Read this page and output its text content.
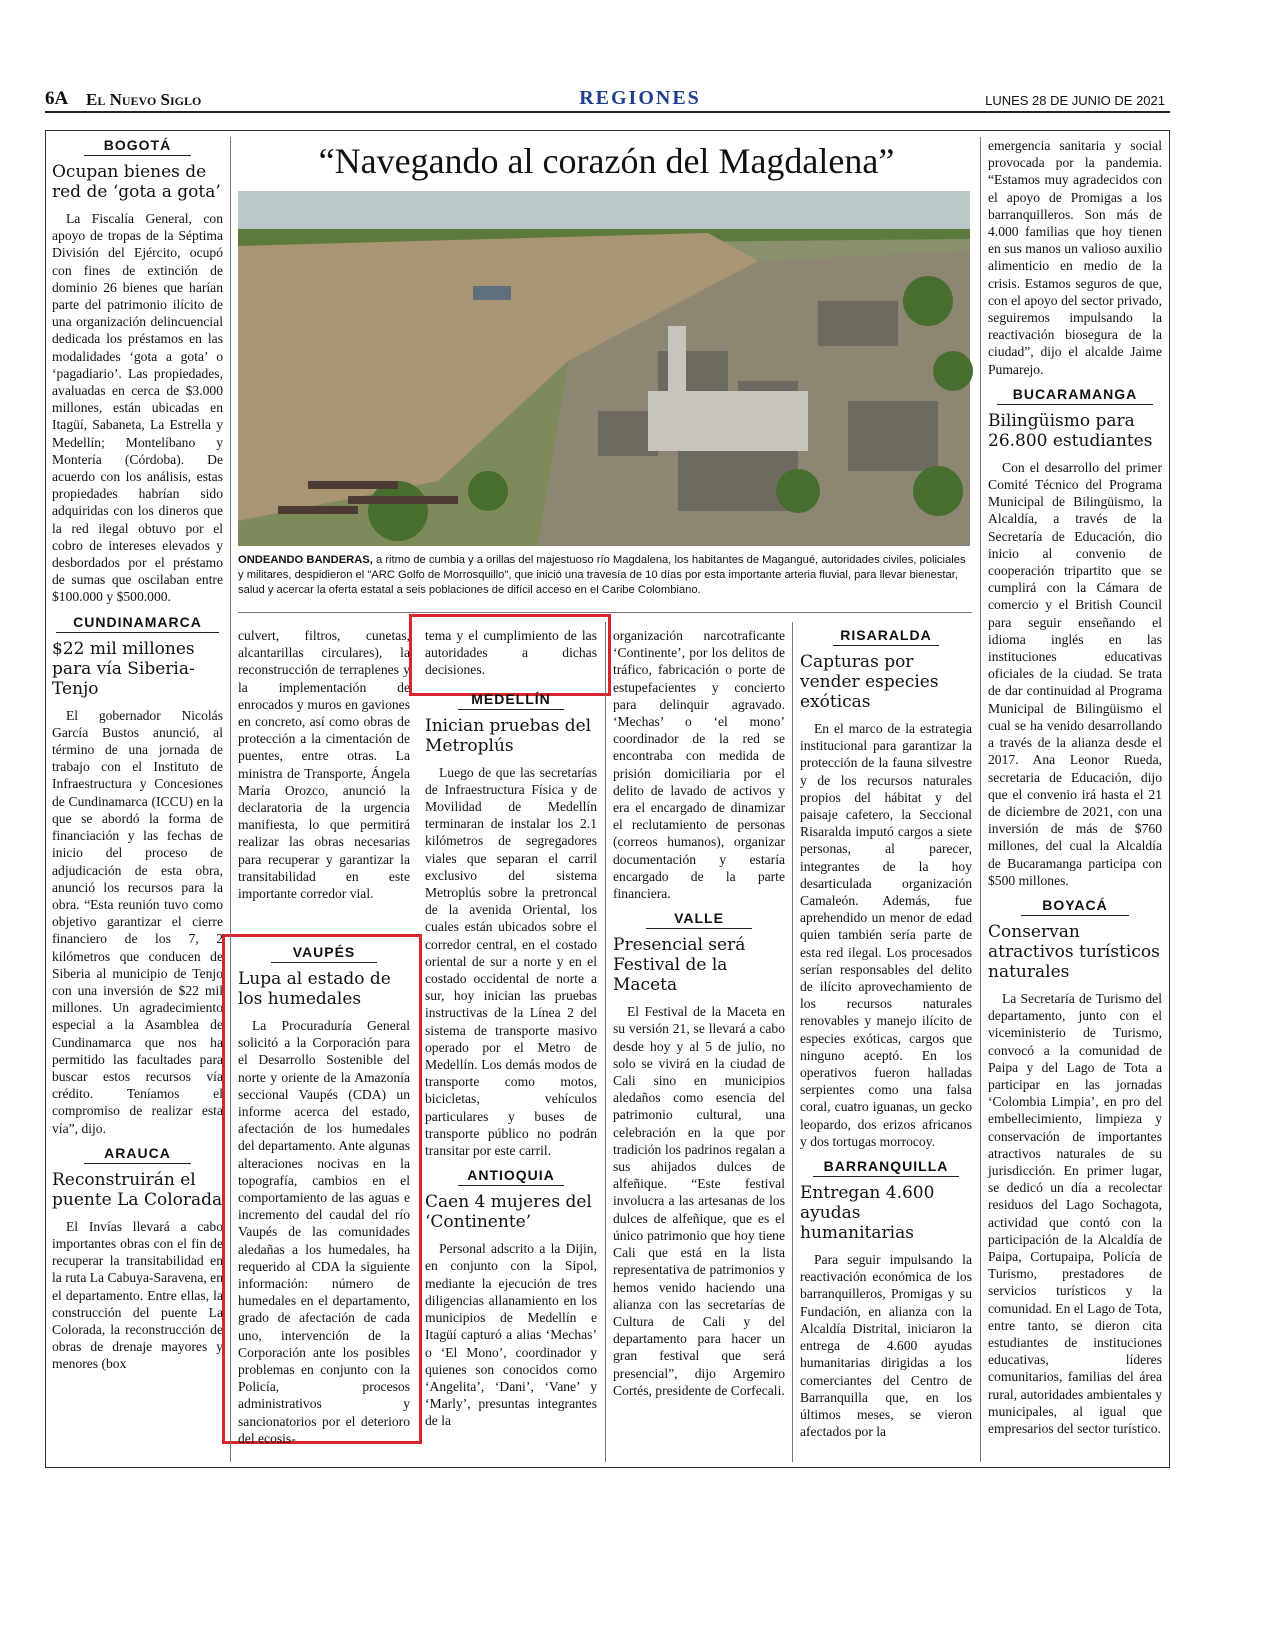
6A El Nuevo Siglo	REGIONES	LUNES 28 DE JUNIO DE 2021
“Navegando al corazón del Magdalena”
ONDEANDO BANDERAS, a ritmo de cumbia y a orillas del majestuoso río Magdalena, los habitantes de Magangué, autoridades civiles, policiales y militares, despidieron el "ARC Golfo de Morrosquillo", que inició una travesía de 10 días por esta importante arteria fluvial, para llevar bienestar, salud y acercar la oferta estatal a seis poblaciones de difícil acceso en el Caribe Colombiano.
BOGOTÁ
Ocupan bienes de red de ‘gota a gota’

La Fiscalía General, con apoyo de tropas de la Séptima División del Ejército, ocupó con fines de extinción de dominio 26 bienes que harían parte del patrimonio ilícito de una organización delincuencial dedicada los préstamos en las modalidades ‘gota a gota’ o ‘pagadiario’. Las propiedades, avaluadas en cerca de $3.000 millones, están ubicadas en Itagüí, Sabaneta, La Estrella y Medellín; Montelíbano y Montería (Córdoba). De acuerdo con los análisis, estas propiedades habrían sido adquiridas con los dineros que la red ilegal obtuvo por el cobro de intereses elevados y desbordados por el préstamo de sumas que oscilaban entre $100.000 y $500.000.

CUNDINAMARCA
$22 mil millones para vía Siberia-Tenjo

El gobernador Nicolás García Bustos anunció, al término de una jornada de trabajo con el Instituto de Infraestructura y Concesiones de Cundinamarca (ICCU) en la que se abordó la forma de financiación y las fechas de inicio del proceso de adjudicación de esta obra, anunció los recursos para la obra. “Esta reunión tuvo como objetivo garantizar el cierre financiero de los 7, 2 kilómetros que conducen de Siberia al municipio de Tenjo con una inversión de $22 mil millones. Un agradecimiento especial a la Asamblea de Cundinamarca que nos ha permitido las facultades para buscar estos recursos vía crédito. Teníamos el compromiso de realizar esta vía”, dijo.

ARAUCA
Reconstruirán el puente La Colorada

El Invías llevará a cabo importantes obras con el fin de recuperar la transitabilidad en la ruta La Cabuya-Saravena, en el departamento. Entre ellas, la construcción del puente La Colorada, la reconstrucción de obras de drenaje mayores y menores (box

culvert, filtros, cunetas, alcantarillas circulares), la reconstrucción de terraplenes y la implementación de enrocados y muros en gaviones en concreto, así como obras de protección a la cimentación de puentes, entre otras. La ministra de Transporte, Ángela María Orozco, anunció la declaratoria de la urgencia manifiesta, lo que permitirá realizar las obras necesarias para recuperar y garantizar la transitabilidad en este importante corredor vial.

VAUPÉS
Lupa al estado de los humedales

La Procuraduría General solicitó a la Corporación para el Desarrollo Sostenible del norte y oriente de la Amazonía seccional Vaupés (CDA) un informe acerca del estado, afectación de los humedales del departamento. Ante algunas alteraciones nocivas en la topografía, cambios en el comportamiento de las aguas e incremento del caudal del río Vaupés de las comunidades aledañas a los humedales, ha requerido al CDA la siguiente información: número de humedales en el departamento, grado de afectación de cada uno, intervención de la Corporación ante los posibles problemas en conjunto con la Policía, procesos administrativos y sancionatorios por el deterioro del ecosis-

tema y el cumplimiento de las autoridades a dichas decisiones.

MEDELLÍN
Inician pruebas del Metroplús

Luego de que las secretarías de Infraestructura Física y de Movilidad de Medellín terminaran de instalar los 2.1 kilómetros de segregadores viales que separan el carril exclusivo del sistema Metroplús sobre la pretroncal de la avenida Oriental, los cuales están ubicados sobre el corredor central, en el costado oriental de sur a norte y en el costado occidental de norte a sur, hoy inician las pruebas instructivas de la Línea 2 del sistema de transporte masivo operado por el Metro de Medellín. Los demás modos de transporte como motos, bicicletas, vehículos particulares y buses de transporte público no podrán transitar por este carril.

ANTIOQUIA
Caen 4 mujeres del ‘Continente’

Personal adscrito a la Dijin, en conjunto con la Sipol, mediante la ejecución de tres diligencias allanamiento en los municipios de Medellín e Itagüí capturó a alias ‘Mechas’ o ‘El Mono’, coordinador y quienes son conocidos como ‘Angelita’, ‘Dani’, ‘Vane’ y ‘Marly’, presuntas integrantes de la

organización narcotraficante ‘Continente’, por los delitos de tráfico, fabricación o porte de estupefacientes y concierto para delinquir agravado. ‘Mechas’ o ‘el mono’ coordinador de la red se encontraba con medida de prisión domiciliaria por el delito de lavado de activos y era el encargado de dinamizar el reclutamiento de personas (correos humanos), organizar documentación y estaría encargado de la parte financiera.

VALLE
Presencial será Festival de la Maceta

El Festival de la Maceta en su versión 21, se llevará a cabo desde hoy y al 5 de julio, no solo se vivirá en la ciudad de Cali sino en municipios aledaños como esencia del patrimonio cultural, una celebración en la que por tradición los padrinos regalan a sus ahijados dulces de alfeñique. “Este festival involucra a las artesanas de los dulces de alfeñique, que es el único patrimonio que hoy tiene Cali que está en la lista representativa de patrimonios y hemos venido haciendo una alianza con las secretarías de Cultura de Cali y del departamento para hacer un gran festival que será presencial”, dijo Argemiro Cortés, presidente de Corfecali.

RISARALDA
Capturas por vender especies exóticas

En el marco de la estrategia institucional para garantizar la protección de la fauna silvestre y de los recursos naturales propios del hábitat y del paisaje cafetero, la Seccional Risaralda imputó cargos a siete personas, al parecer, integrantes de la hoy desarticulada organización Camaleón. Además, fue aprehendido un menor de edad quien también sería parte de esta red ilegal. Los procesados serían responsables del delito de ilícito aprovechamiento de los recursos naturales renovables y manejo ilícito de especies exóticas, cargos que ninguno aceptó. En los operativos fueron halladas serpientes como una falsa coral, cuatro iguanas, un gecko leopardo, dos erizos africanos y dos tortugas morrocoy.

BARRANQUILLA
Entregan 4.600 ayudas humanitarias

Para seguir impulsando la reactivación económica de los barranquilleros, Promigas y su Fundación, en alianza con la Alcaldía Distrital, iniciaron la entrega de 4.600 ayudas humanitarias dirigidas a los comerciantes del Centro de Barranquilla que, en los últimos meses, se vieron afectados por la

emergencia sanitaria y social provocada por la pandemia. “Estamos muy agradecidos con el apoyo de Promigas a los barranquilleros. Son más de 4.000 familias que hoy tienen en sus manos un valioso auxilio alimenticio en medio de la crisis. Estamos seguros de que, con el apoyo del sector privado, seguiremos impulsando la reactivación biosegura de la ciudad”, dijo el alcalde Jaime Pumarejo.

BUCARAMANGA
Bilingüismo para 26.800 estudiantes

Con el desarrollo del primer Comité Técnico del Programa Municipal de Bilingüismo, la Alcaldía, a través de la Secretaría de Educación, dio inicio al convenio de cooperación tripartito que se cumplirá con la Cámara de comercio y el British Council para seguir enseñando el idioma inglés en las instituciones educativas oficiales de la ciudad. Se trata de dar continuidad al Programa Municipal de Bilingüismo el cual se ha venido desarrollando a través de la alianza desde el 2017. Ana Leonor Rueda, secretaria de Educación, dijo que el convenio irá hasta el 21 de diciembre de 2021, con una inversión de más de $760 millones, del cual la Alcaldía de Bucaramanga participa con $500 millones.

BOYACÁ
Conservan atractivos turísticos naturales

La Secretaría de Turismo del departamento, junto con el viceministerio de Turismo, convocó a la comunidad de Paipa y del Lago de Tota a participar en las jornadas ‘Colombia Limpia’, en pro del embellecimiento, limpieza y conservación de importantes atractivos naturales de su jurisdicción. En primer lugar, se dedicó un día a recolectar residuos del Lago Sochagota, actividad que contó con la participación de la Alcaldía de Paipa, Cortupaipa, Policía de Turismo, prestadores de servicios turísticos y la comunidad. En el Lago de Tota, entre tanto, se dieron cita estudiantes de instituciones educativas, líderes comunitarios, familias del área rural, autoridades ambientales y municipales, al igual que empresarios del sector turístico.
